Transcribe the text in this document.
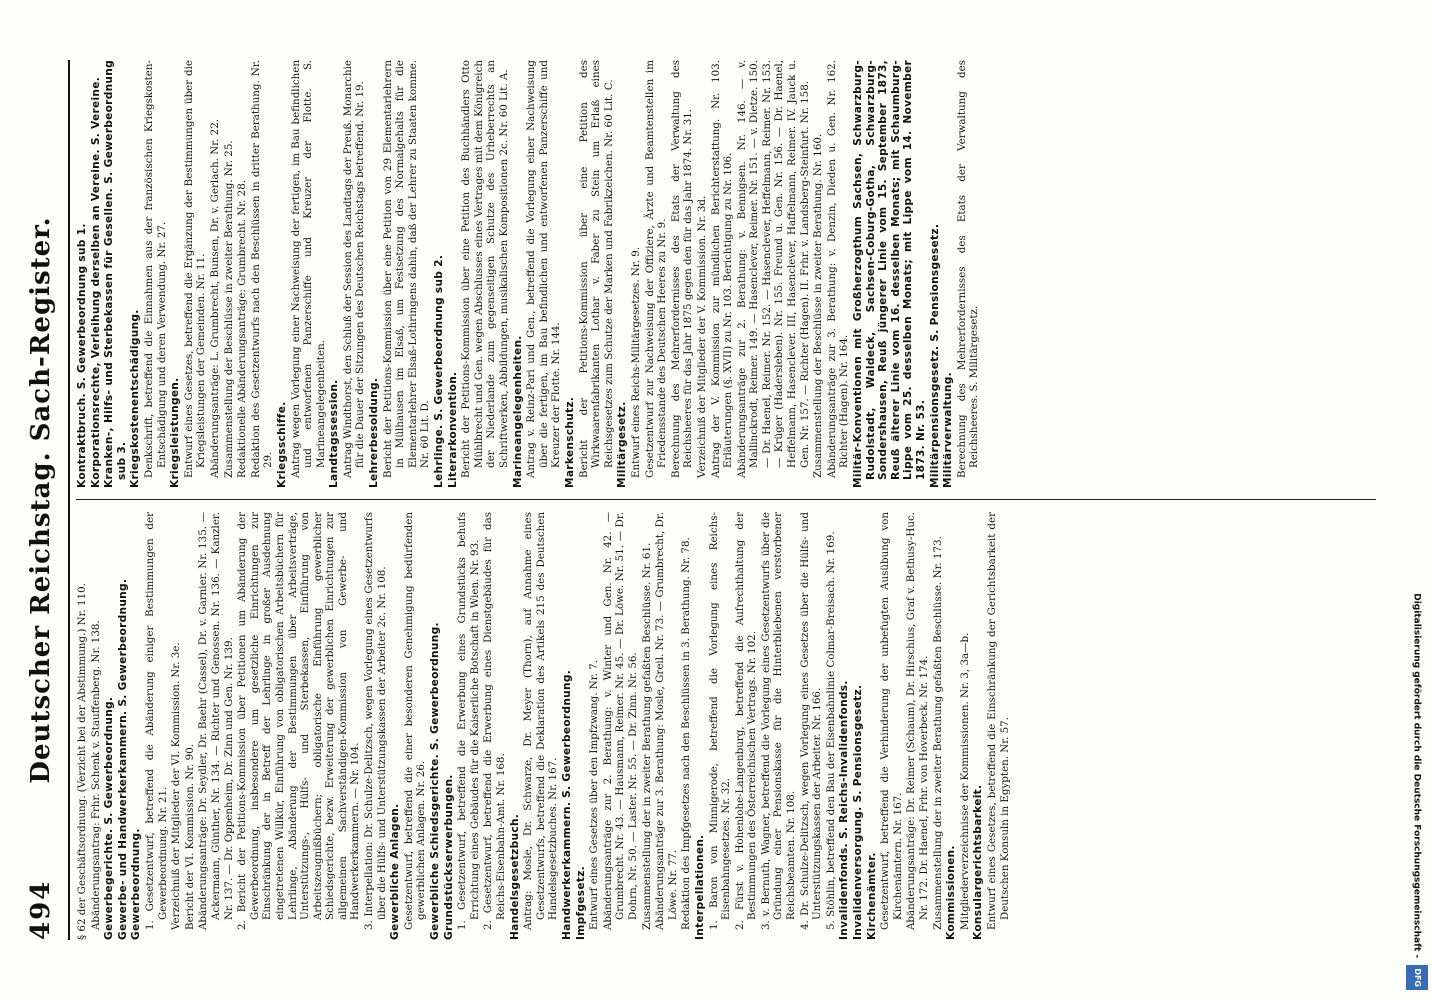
494
Deutscher Reichstag. Sach-Register. § 62 der Geschäftsordnung. (Verzicht bei der Abstimmung.) Nr. 110. Abänderungsantrag: Frhr. Schenk v. Stauffenberg. Nr. 138. Gewerbegerichte. S. Gewerbeordnung. Gewerbe- und Handwerkerkammern. S. Gewerbeordnung. Gewerbeordnung. 1. Gesetzentwurf, betreffend die Abänderung einiger Bestimmungen der Gewerbeordnung. Nr. 21. Verzeichniß der Mitglieder der VI. Kommission. Nr. 3e. Bericht der VI. Kommission. Nr. 90. Abänderungsanträge: Dr. Seydler, Dr. Baehr (Cassel), Dr. v. Garnier. Nr. 135. — Ackermann, Günther, Nr. 134. — Richter und Genossen. Nr. 136. — Kanzler. Nr. 137. — Dr. Oppenheim, Dr. Zinn und Gen. Nr. 139. 2. Bericht der Petitions-Kommission über Petitionen um Abänderung der Gewerbeordnung, insbesondere um gesetzliche Einrichtungen zur Einschränkung der in Betreff der Lehrlinge in großer Ausdehnung eingetretenen Willkür, Einführung von obligatorischen Arbeitsbüchern für Lehrlinge, Abänderung der Bestimmungen über Arbeitsverträge, Unterstützungs-, Hülfs- und Sterbekassen, Einführung von Arbeitszeugnißbüchern; obligatorische Einführung gewerblicher Schiedsgerichte, bezw. Erweiterung der gewerblichen Einrichtungen zur allgemeinen Sachverständigen-Kommission von Gewerbe- und Handwerkerkammern. — Nr. 104. 3. Interpellation: Dr. Schulze-Delitzsch, wegen Vorlegung eines Gesetzentwurfs über die Hülfs- und Unterstützungskassen der Arbeiter 2c. Nr. 108. Gewerbliche Anlagen. Gesetzentwurf, betreffend die einer besonderen Genehmigung bedürfenden gewerblichen Anlagen. Nr. 26. Gewerbliche Schiedsgerichte. S. Gewerbeordnung. Grundstückserwerbungen. 1. Gesetzentwurf, betreffend die Erwerbung eines Grundstücks behufs Errichtung eines Gebäudes für die Kaiserliche Botschaft in Wien. Nr. 93. 2. Gesetzentwurf, betreffend die Erwerbung eines Dienstgebäudes für das Reichs-Eisenbahn-Amt. Nr. 168. Handelsgesetzbuch. Antrag: Mosle, Dr. Schwarze, Dr. Meyer (Thorn), auf Annahme eines Gesetzentwurfs, betreffend die Deklaration des Artikels 215 des Deutschen Handelsgesetzbuches. Nr. 167. Handwerkerkammern. S. Gewerbeordnung. Impfgesetz. Entwurf eines Gesetzes über den Impfzwang. Nr. 7. Abänderungsanträge zur 2. Berathung: v. Winter und Gen. Nr. 42. — Grumbrecht. Nr. 43. — Hausmann, Reimer. Nr. 45. — Dr. Löwe. Nr. 51. — Dr. Dohrn, Nr. 50. — Laster. Nr. 55. — Dr. Zinn. Nr. 56. Zusammenstellung der in zweiter Berathung gefaßten Beschlüsse. Nr. 61. Abänderungsanträge zur 3. Berathung: Mosle, Greil. Nr. 73. — Grumbrecht, Dr. Löwe. Nr. 77. Redaktion des Impfgesetzes nach den Beschlüssen in 3. Berathung. Nr. 78. Interpellationen. 1. Baron von Minnigerode, betreffend die Vorlegung eines Reichs-Eisenbahngesetzes. Nr. 32. 2. Fürst v. Hohenlohe-Langenburg, betreffend die Aufrechthaltung der Bestimmungen des Österreichischen Vertrags. Nr. 102. 3. v. Bernuth, Wagner, betreffend die Vorlegung eines Gesetzentwurfs über die Gründung einer Pensionskasse für die Hinterbliebenen verstorbener Reichsbeamten. Nr. 108. 4. Dr. Schulze-Delitzsch, wegen Vorlegung eines Gesetzes über die Hülfs- und Unterstützungskassen der Arbeiter. Nr. 166. 5. Stöhlin, betreffend den Bau der Eisenbahnlinie Colmar-Breisach. Nr. 169. Invalidenfonds. S. Reichs-Invalidenfonds. Invalidenversorgung. S. Pensionsgesetz. Kirchenämter. Gesetzentwurf, betreffend die Verhinderung der unbefugten Ausübung von Kirchenämtern. Nr. 167. Abänderungsanträge: Dr. Reimer (Schaum), Dr. Hirschius, Graf v. Bethusy-Huc. Nr. 172. Dr. Haenel, Frhr. von Hoverbeck. Nr. 174. Zusammenstellung der in zweiter Berathung gefaßten Beschlüsse. Nr. 173. Kommissionen. Mitgliederverzeichnisse der Kommissionen. Nr. 3, 3a—b. Konsulargerichtsbarkeit. Entwurf eines Gesetzes, betreffend die Einschränkung der Gerichtsbarkeit der Deutschen Konsuln in Egypten. Nr. 57.
Kontraktbruch. S. Gewerbeordnung sub 1. Korporationsrechte, Verleihung derselben an Vereine. S. Vereine. Kranken-, Hilfs- und Sterbekassen für Gesellen. S. Gewerbeordnung sub 3. Kriegskostenentschädigung. Denkschrift, betreffend die Einnahmen aus der französischen Kriegskosten-Entschädigung und deren Verwendung. Nr. 27. Kriegsleistungen. Entwurf eines Gesetzes, betreffend die Ergänzung der Bestimmungen über die Kriegsleistungen der Gemeinden. Nr. 11. Abänderungsanträge: L. Grumbrecht, Bunsen, Dr. v. Gerlach. Nr. 22. Zusammenstellung der Beschlüsse in zweiter Berathung. Nr. 25. Redaktionelle Abänderungsanträge: Grumbrecht. Nr. 28. Redaktion des Gesetzentwurfs nach den Beschlüssen in dritter Berathung. Nr. 29. Kriegsschiffe. Antrag wegen Vorlegung einer Nachweisung der fertigen, im Bau befindlichen und entworfenen Panzerschiffe und Kreuzer der Flotte. S. Marineangelegenheiten. Landtagssession. Antrag Windthorst, den Schluß der Session des Landtags der Preuß. Monarchie für die Dauer der Sitzungen des Deutschen Reichstags betreffend. Nr. 19. Lehrerbesoldung. Bericht der Petitions-Kommission über eine Petition von 29 Elementarlehrern in Mülhausen im Elsaß, um Festsetzung des Normalgehalts für die Elementarlehrer Elsaß-Lothringens dahin, daß der Lehrer zu Staaten komme. Nr. 60 Lit. D. Lehrlinge. S. Gewerbeordnung sub 2. Literarkonvention. Bericht der Petitions-Kommission über eine Petition des Buchhändlers Otto Mühlbrecht und Gen. wegen Abschlusses eines Vertrages mit dem Königreich der Niederlande zum gegenseitigen Schutze des Urheberrechts an Schriftwerken, Abbildungen, musikalischen Kompositionen 2c. Nr. 60 Lit. A. Marineangelegenheiten. Antrag v. Reinz-Pari und Gen., betreffend die Vorlegung einer Nachweisung über die fertigen, im Bau befindlichen und entworfenen Panzerschiffe und Kreuzer der Flotte. Nr. 144. Markenschutz. Bericht der Petitions-Kommission über eine Petition des Wirkwaarenfabrikanten Lothar v. Faber zu Stein um Erlaß eines Reichsgesetzes zum Schutze der Marken und Fabrikzeichen. Nr. 60 Lit. C. Militärgesetz. Entwurf eines Reichs-Militärgesetzes. Nr. 9. Gesetzentwurf zur Nachweisung der Offiziere, Ärzte und Beamtenstellen im Friedensstande des Deutschen Heeres zu Nr. 9. Berechnung des Mehrerfordernisses des Etats der Verwaltung des Reichsheeres für das Jahr 1875 gegen den für das Jahr 1874. Nr. 31. Verzeichniß der Mitglieder der V. Kommission. Nr. 3d. Antrag der V. Kommission zur mündlichen Berichterstattung. Nr. 103. Erläuterungen (§. XVII) zu Nr. 103. Berichtigung zu Nr. 106. Abänderungsanträge zur 2. Berathung: v. Bennigsen. Nr. 146. — v. Mallinckrodt, Reimer. 149. — Hasenclever, Reimer. Nr. 151. — v. Dietze. 150. — Dr. Haenel, Reimer. Nr. 152. — Hasenclever, Heffelmann, Reimer. Nr. 153. — Krüger (Hadersleben). Nr. 155. Freund u. Gen. Nr. 156. — Dr. Haenel, Heffelmann, Hasenclever. III, Hasenclever, Haffelmann, Reimer. IV. Jauck u. Gen. Nr. 157. — Richter (Hagen). II. Frhr. v. Landsberg-Steinfurt. Nr. 158. Zusammenstellung der Beschlüsse in zweiter Berathung. Nr. 160. Abänderungsanträge zur 3. Berathung: v. Denzin, Dieden u. Gen. Nr. 162. Richter (Hagen). Nr. 164. Militär-Konventionen mit Großherzogthum Sachsen, Schwarzburg-Rudolstadt, Waldeck, Sachsen-Coburg-Gotha, Schwarzburg-Sondershausen, Reuß jüngerer Linie vom 15. September 1873, Reuß älterer Linie vom 16. desselben Monats; mit Schaumburg-Lippe vom 25. desselben Monats; mit Lippe vom 14. November 1873. Nr. 53. Militärpensionsgesetz. S. Pensionsgesetz. Militärverwaltung. Berechnung des Mehrerfordernisses des Etats der Verwaltung des Reichsheeres. S. Militärgesetz.
Digitalisierung gefördert durch die Deutsche Forschungsgemeinschaft - DFG
